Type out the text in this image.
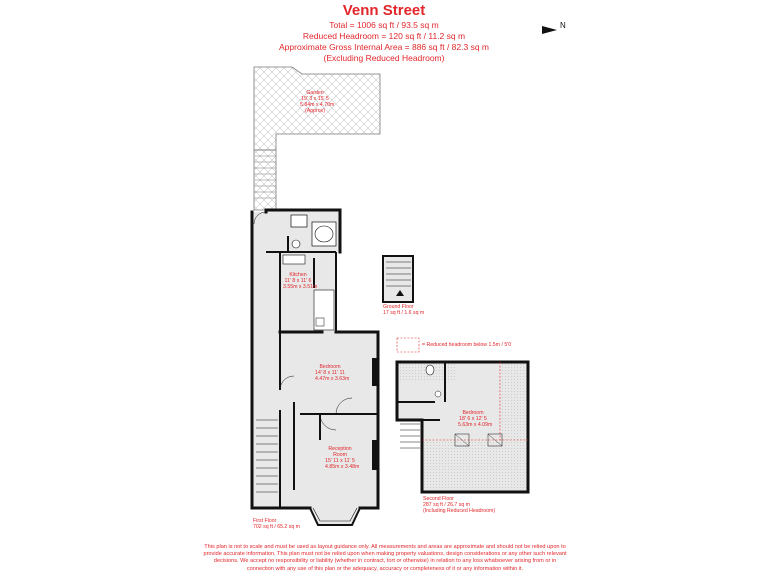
Venn Street
Total = 1006 sq ft / 93.5 sq m
Reduced Headroom = 120 sq ft / 11.2 sq m
Approximate Gross Internal Area = 886 sq ft / 82.3 sq m
(Excluding Reduced Headroom)
Garden
19' 3 x 15' 5
5.84m x 4.70m
(Approx)
Kitchen
11' 8 x 11' 6
3.55m x 3.51m
Bedroom
14' 8 x 11' 11
4.47m x 3.63m
Reception
Room
15' 11 x 11' 5
4.85m x 3.48m
Bedroom
18' 6 x 12' 5
5.63m x 4.09m
Ground Floor
17 sq ft / 1.6 sq m
First Floor
702 sq ft / 65.2 sq m
Second Floor
287 sq ft / 26.7 sq m
(Including Reduced Headroom)
= Reduced headroom below 1.5m / 5'0
N
This plan is not to scale and must be used as layout guidance only. All measurements and areas are approximate and should not be relied upon to
provide accurate information. This plan must not be relied upon when making property valuations, design considerations or any other such relevant
decisions. We accept no responsibility or liability (whether in contract, tort or otherwise) in relation to any loss whatsoever arising from or in
connection with any use of this plan or the adequacy, accuracy or completeness of it or any information within it.
